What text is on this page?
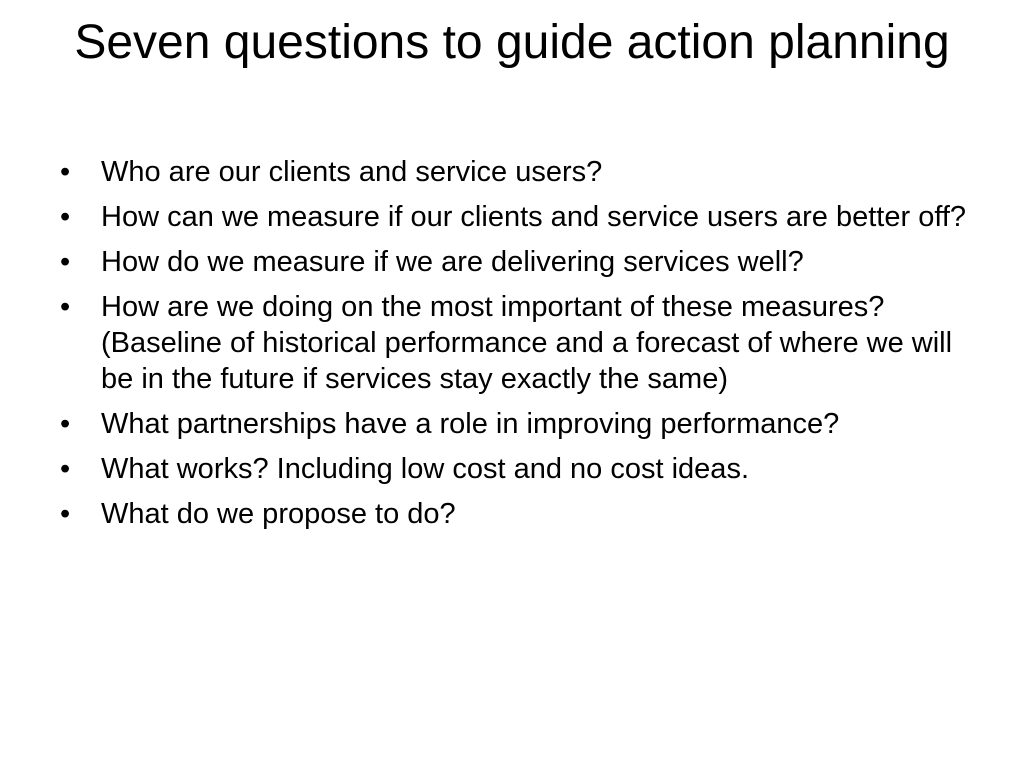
Seven questions to guide action planning
•	Who are our clients and service users?
•	How can we measure if our clients and service users are better off?
•	How do we measure if we are delivering services well?
•	How are we doing on the most important of these measures? (Baseline of historical performance and a forecast of where we will be in the future if services stay exactly the same)
•	What partnerships have a role in improving performance?
•	What works? Including low cost and no cost ideas.
•	What do we propose to do?
